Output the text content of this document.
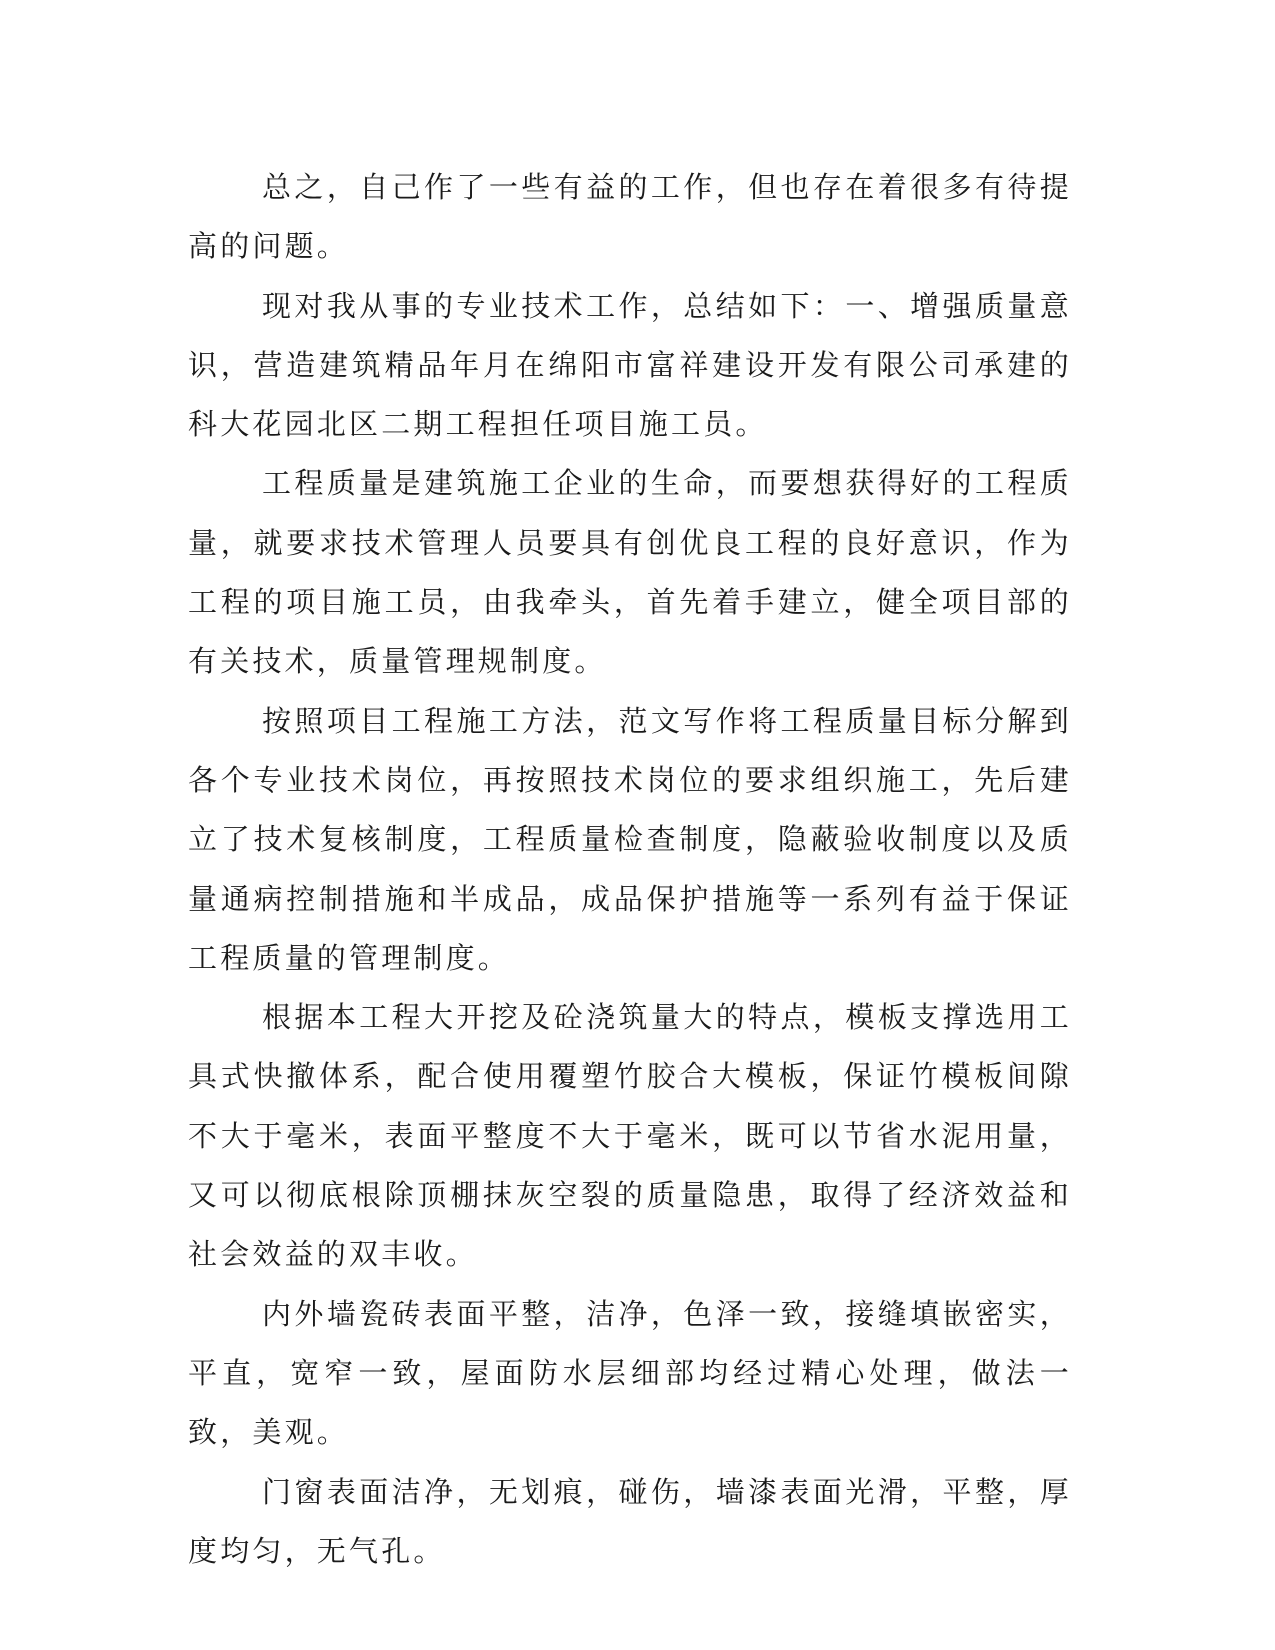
总之，自己作了一些有益的工作，但也存在着很多有待提高的问题。

现对我从事的专业技术工作，总结如下：一、增强质量意识，营造建筑精品年月在绵阳市富祥建设开发有限公司承建的科大花园北区二期工程担任项目施工员。

工程质量是建筑施工企业的生命，而要想获得好的工程质量，就要求技术管理人员要具有创优良工程的良好意识，作为工程的项目施工员，由我牵头，首先着手建立，健全项目部的有关技术，质量管理规制度。

按照项目工程施工方法，范文写作将工程质量目标分解到各个专业技术岗位，再按照技术岗位的要求组织施工，先后建立了技术复核制度，工程质量检查制度，隐蔽验收制度以及质量通病控制措施和半成品，成品保护措施等一系列有益于保证工程质量的管理制度。

根据本工程大开挖及砼浇筑量大的特点，模板支撑选用工具式快撤体系，配合使用覆塑竹胶合大模板，保证竹模板间隙不大于毫米，表面平整度不大于毫米，既可以节省水泥用量，又可以彻底根除顶棚抹灰空裂的质量隐患，取得了经济效益和社会效益的双丰收。

内外墙瓷砖表面平整，洁净，色泽一致，接缝填嵌密实，平直，宽窄一致，屋面防水层细部均经过精心处理，做法一致，美观。

门窗表面洁净，无划痕，碰伤，墙漆表面光滑，平整，厚度均匀，无气孔。
